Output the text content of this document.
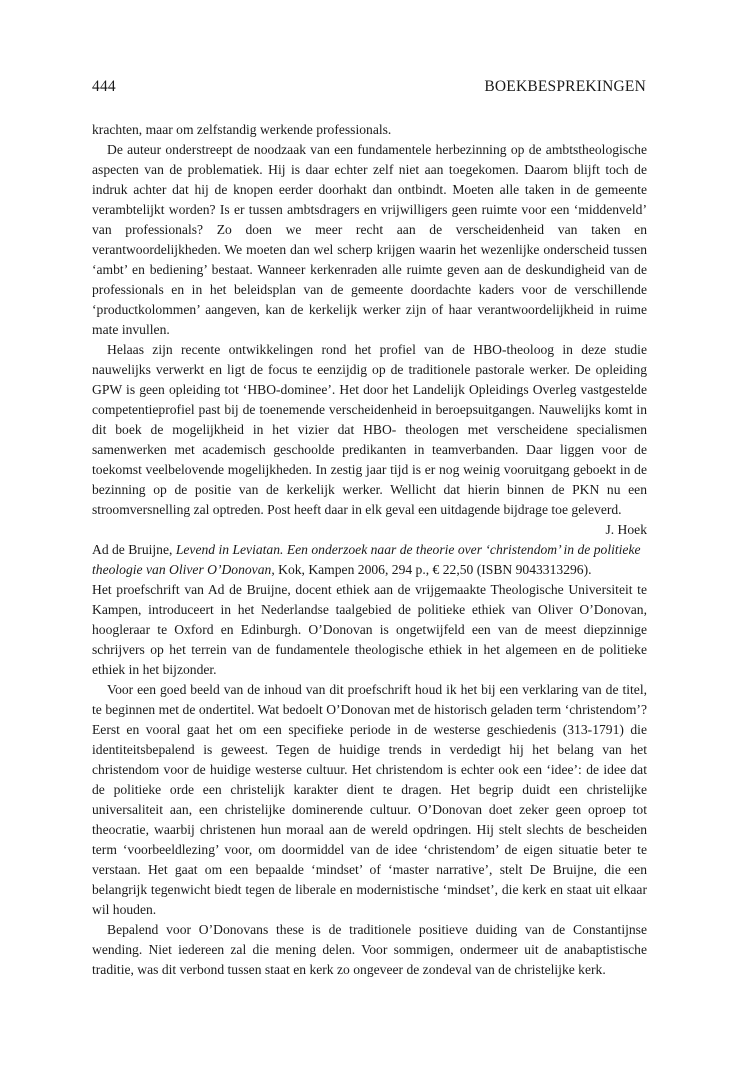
444	BOEKBESPREKINGEN

krachten, maar om zelfstandig werkende professionals.

De auteur onderstreept de noodzaak van een fundamentele herbezinning op de ambtstheologische aspecten van de problematiek. Hij is daar echter zelf niet aan toegekomen. Daarom blijft toch de indruk achter dat hij de knopen eerder doorhakt dan ontbindt. Moeten alle taken in de gemeente verambtelijkt worden? Is er tussen ambtsdragers en vrijwilligers geen ruimte voor een ‘middenveld’ van professionals? Zo doen we meer recht aan de verscheidenheid van taken en verantwoordelijkheden. We moeten dan wel scherp krijgen waarin het wezenlijke onderscheid tussen ‘ambt’ en bediening’ bestaat. Wanneer kerkenraden alle ruimte geven aan de deskundigheid van de professionals en in het beleidsplan van de gemeente doordachte kaders voor de verschillende ‘productkolommen’ aangeven, kan de kerkelijk werker zijn of haar verantwoordelijkheid in ruime mate invullen.

Helaas zijn recente ontwikkelingen rond het profiel van de HBO-theoloog in deze studie nauwelijks verwerkt en ligt de focus te eenzijdig op de traditionele pastorale werker. De opleiding GPW is geen opleiding tot ‘HBO-dominee’. Het door het Landelijk Opleidings Overleg vastgestelde competentieprofiel past bij de toenemende verscheidenheid in beroepsuitgangen. Nauwelijks komt in dit boek de mogelijkheid in het vizier dat HBO- theologen met verscheidene specialismen samenwerken met academisch geschoolde predikanten in teamverbanden. Daar liggen voor de toekomst veelbelovende mogelijkheden. In zestig jaar tijd is er nog weinig vooruitgang geboekt in de bezinning op de positie van de kerkelijk werker. Wellicht dat hierin binnen de PKN nu een stroomversnelling zal optreden. Post heeft daar in elk geval een uitdagende bijdrage toe geleverd.

J. Hoek

Ad de Bruijne, Levend in Leviatan. Een onderzoek naar de theorie over ‘christendom’ in de politieke theologie van Oliver O’Donovan, Kok, Kampen 2006, 294 p., € 22,50 (ISBN 9043313296).

Het proefschrift van Ad de Bruijne, docent ethiek aan de vrijgemaakte Theologische Universiteit te Kampen, introduceert in het Nederlandse taalgebied de politieke ethiek van Oliver O’Donovan, hoogleraar te Oxford en Edinburgh. O’Donovan is ongetwijfeld een van de meest diepzinnige schrijvers op het terrein van de fundamentele theologische ethiek in het algemeen en de politieke ethiek in het bijzonder.

Voor een goed beeld van de inhoud van dit proefschrift houd ik het bij een verklaring van de titel, te beginnen met de ondertitel. Wat bedoelt O’Donovan met de historisch geladen term ‘christendom’? Eerst en vooral gaat het om een specifieke periode in de westerse geschiedenis (313-1791) die identiteitsbepalend is geweest. Tegen de huidige trends in verdedigt hij het belang van het christendom voor de huidige westerse cultuur. Het christendom is echter ook een ‘idee’: de idee dat de politieke orde een christelijk karakter dient te dragen. Het begrip duidt een christelijke universaliteit aan, een christelijke dominerende cultuur. O’Donovan doet zeker geen oproep tot theocratie, waarbij christenen hun moraal aan de wereld opdringen. Hij stelt slechts de bescheiden term ‘voorbeeldlezing’ voor, om doormiddel van de idee ‘christendom’ de eigen situatie beter te verstaan. Het gaat om een bepaalde ‘mindset’ of ‘master narrative’, stelt De Bruijne, die een belangrijk tegenwicht biedt tegen de liberale en modernistische ‘mindset’, die kerk en staat uit elkaar wil houden.

Bepalend voor O’Donovans these is de traditionele positieve duiding van de Constantijnse wending. Niet iedereen zal die mening delen. Voor sommigen, ondermeer uit de anabaptistische traditie, was dit verbond tussen staat en kerk zo ongeveer de zondeval van de christelijke kerk.
